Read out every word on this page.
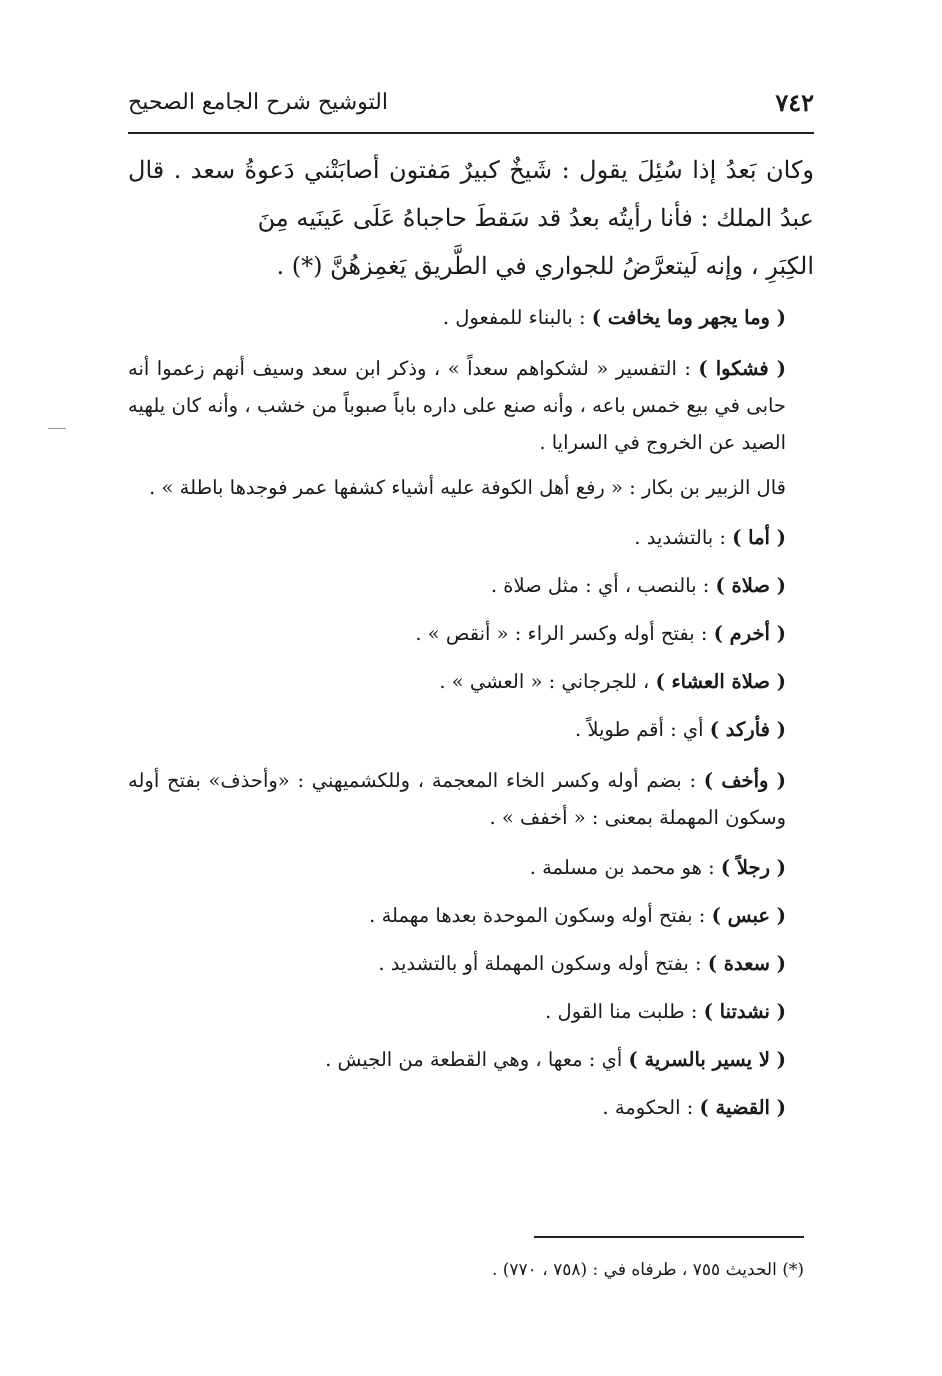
٧٤٢
التوشيح شرح الجامع الصحيح

وكان بَعدُ إذا سُئِلَ يقول : شَيخٌ كبيرٌ مَفتون أصابَتْني دَعوةُ سعد . قال عبدُ الملك : فأنا رأيتُه بعدُ قد سَقطَ حاجباهُ عَلَى عَينَيه مِنَ

الكِبَرِ ، وإنه لَيتعرَّضُ للجواري في الطَّريق يَغمِزهُنَّ (*) .

( وما يجهر وما يخافت ) : بالبناء للمفعول .

( فشكوا ) : التفسير « لشكواهم سعداً » ، وذكر ابن سعد وسيف أنهم زعموا أنه حابى في بيع خمس باعه ، وأنه صنع على داره باباً صبوباً من خشب ، وأنه كان يلهيه الصيد عن الخروج في السرايا .

قال الزبير بن بكار : « رفع أهل الكوفة عليه أشياء كشفها عمر فوجدها باطلة » .

( أما ) : بالتشديد .

( صلاة ) : بالنصب ، أي : مثل صلاة .

( أخرم ) : بفتح أوله وكسر الراء : « أنقص » .

( صلاة العشاء ) ، للجرجاني : « العشي » .

( فأركد ) أي : أقم طويلاً .

( وأخف ) : بضم أوله وكسر الخاء المعجمة ، وللكشميهني : «وأحذف» بفتح أوله وسكون المهملة بمعنى : « أخفف » .

( رجلاً ) : هو محمد بن مسلمة .

( عبس ) : بفتح أوله وسكون الموحدة بعدها مهملة .

( سعدة ) : بفتح أوله وسكون المهملة أو بالتشديد .

( نشدتنا ) : طلبت منا القول .

( لا يسير بالسرية ) أي : معها ، وهي القطعة من الجيش .

( القضية ) : الحكومة .

(*) الحديث ٧٥٥ ، طرفاه في : (٧٥٨ ، ٧٧٠) .
